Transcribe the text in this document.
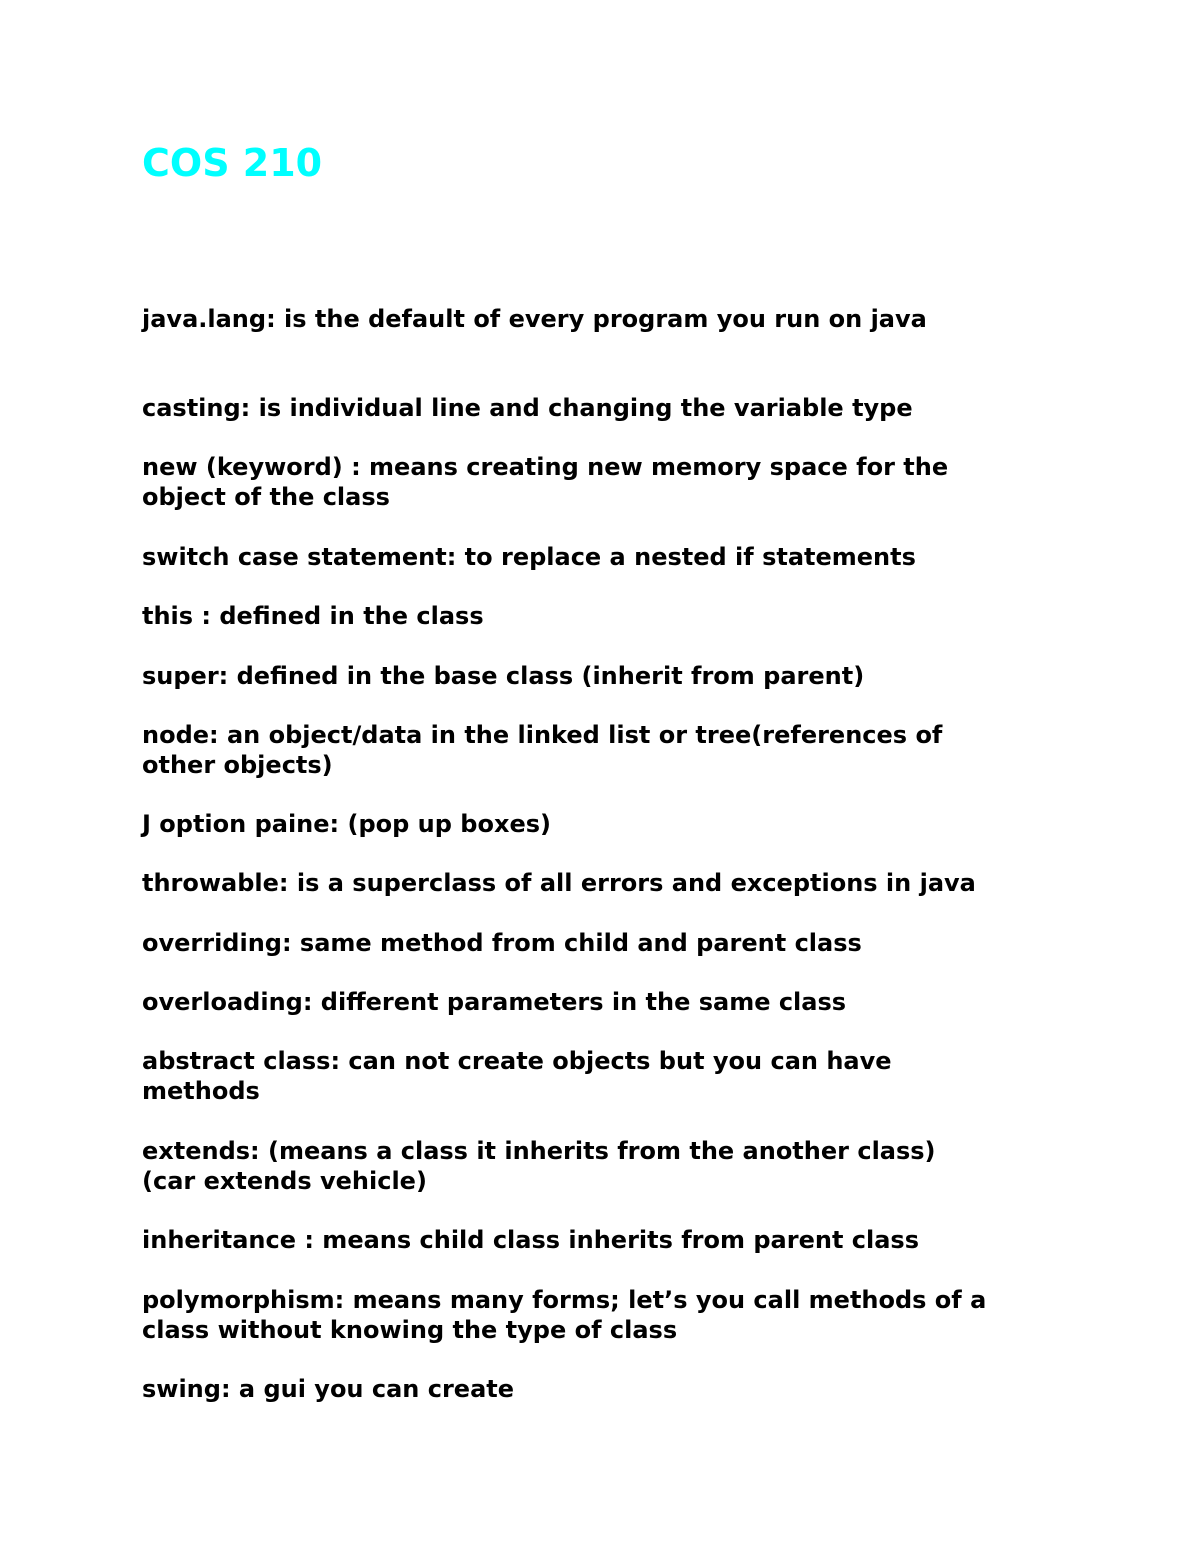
COS 210

java.lang: is the default of every program you run on java

casting: is individual line and changing the variable type

new (keyword) : means creating new memory space for the
object of the class

switch case statement: to replace a nested if statements

this : defined in the class

super: defined in the base class (inherit from parent)

node: an object/data in the linked list or tree(references of
other objects)

J option paine: (pop up boxes)

throwable: is a superclass of all errors and exceptions in java

overriding: same method from child and parent class

overloading: different parameters in the same class

abstract class: can not create objects but you can have
methods

extends: (means a class it inherits from the another class)
(car extends vehicle)

inheritance : means child class inherits from parent class

polymorphism: means many forms; let’s you call methods of a
class without knowing the type of class

swing: a gui you can create
